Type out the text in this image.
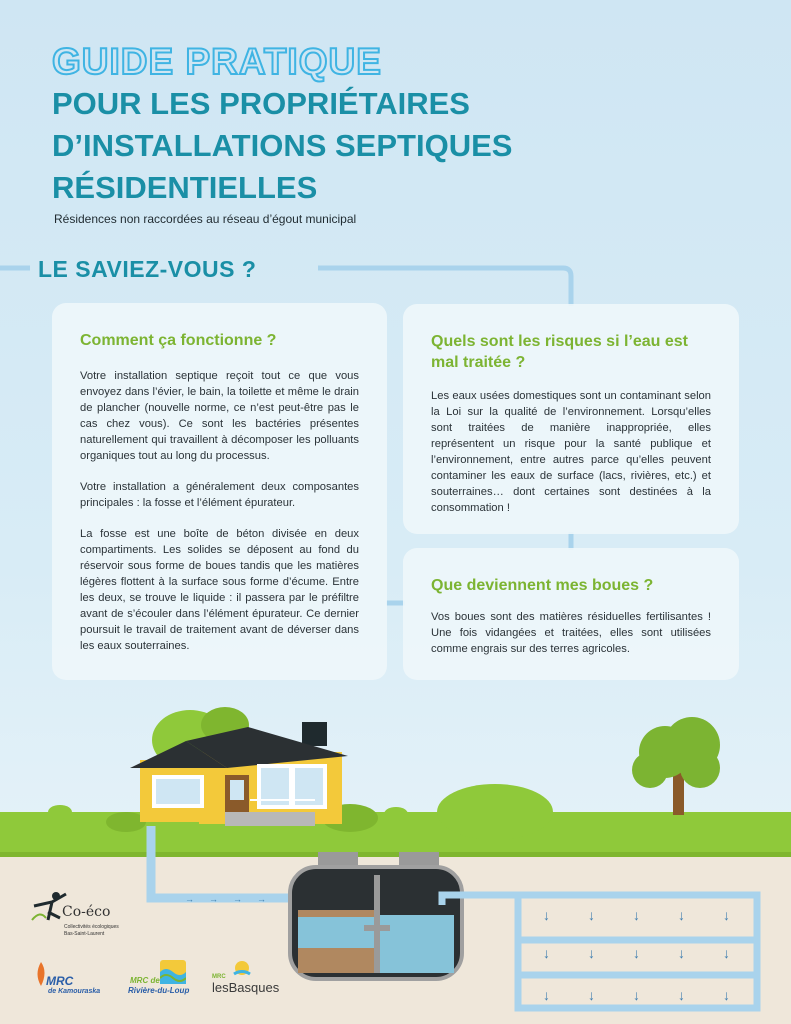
→      →      →      →
↓	↓	↓	↓	↓
↓	↓	↓	↓	↓
↓	↓	↓	↓	↓
GUIDE PRATIQUE
POUR LES PROPRIÉTAIRES D’INSTALLATIONS SEPTIQUES RÉSIDENTIELLES
Résidences non raccordées au réseau d’égout municipal
LE SAVIEZ-VOUS ?
Comment ça fonctionne ?

Votre installation septique reçoit tout ce que vous envoyez dans l’évier, le bain, la toilette et même le drain de plancher (nouvelle norme, ce n’est peut-être pas le cas chez vous). Ce sont les bactéries présentes naturellement qui travaillent à décomposer les polluants organiques tout au long du processus.

Votre installation a généralement deux composantes principales : la fosse et l’élément épurateur.

La fosse est une boîte de béton divisée en deux compartiments. Les solides se déposent au fond du réservoir sous forme de boues tandis que les matières légères flottent à la surface sous forme d’écume. Entre les deux, se trouve le liquide : il passera par le préfiltre avant de s’écouler dans l’élément épurateur. Ce dernier poursuit le travail de traitement avant de déverser dans les eaux souterraines.

Quels sont les risques si l’eau est mal traitée ?

Les eaux usées domestiques sont un contaminant selon la Loi sur la qualité de l’environnement. Lorsqu’elles sont traitées de manière inappropriée, elles représentent un risque pour la santé publique et l’environnement, entre autres parce qu’elles peuvent contaminer les eaux de surface (lacs, rivières, etc.) et souterraines… dont certaines sont destinées à la consommation !

Que deviennent mes boues ?

Vos boues sont des matières résiduelles fertilisantes ! Une fois vidangées et traitées, elles sont utilisées comme engrais sur des terres agricoles.

Co-éco
Collectivités écologiques
Bas-Saint-Laurent
MRC
de Kamouraska
MRC de
Rivière-du-Loup
MRC
lesBasques
